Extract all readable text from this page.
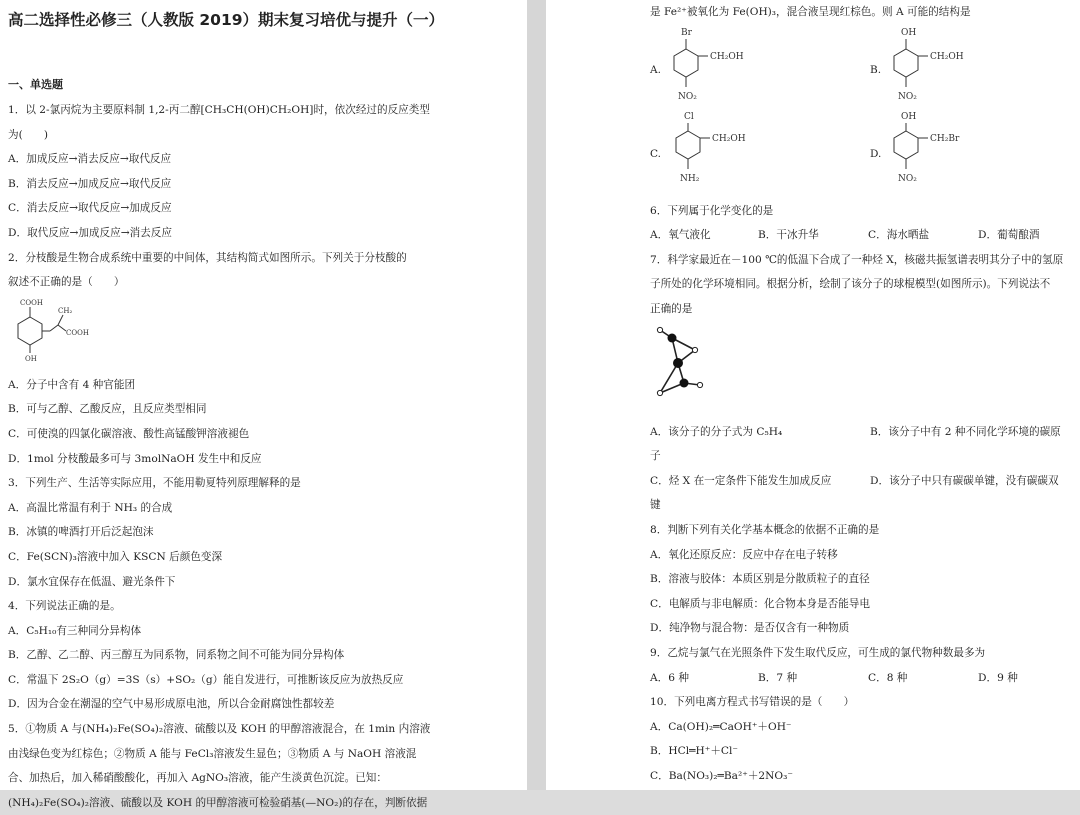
高二选择性必修三（人教版 2019）期末复习培优与提升（一）
一、单选题
1．以 2-氯丙烷为主要原料制 1,2-丙二醇[CH₃CH(OH)CH₂OH]时，依次经过的反应类型
为(　　)
A．加成反应→消去反应→取代反应
B．消去反应→加成反应→取代反应
C．消去反应→取代反应→加成反应
D．取代反应→加成反应→消去反应
2．分枝酸是生物合成系统中重要的中间体，其结构简式如图所示。下列关于分枝酸的
叙述不正确的是（　　）
COOH
CH₂
COOH
OH
A．分子中含有 4 种官能团
B．可与乙醇、乙酸反应，且反应类型相同
C．可使溴的四氯化碳溶液、酸性高锰酸钾溶液褪色
D．1mol 分枝酸最多可与 3molNaOH 发生中和反应
3．下列生产、生活等实际应用，不能用勒夏特列原理解释的是
A．高温比常温有利于 NH₃ 的合成
B．冰镇的啤酒打开后泛起泡沫
C．Fe(SCN)₃溶液中加入 KSCN 后颜色变深
D．氯水宜保存在低温、避光条件下
4．下列说法正确的是。
A．C₅H₁₀有三种同分异构体
B．乙醇、乙二醇、丙三醇互为同系物，同系物之间不可能为同分异构体
C．常温下 2S₂O（g）=3S（s）+SO₂（g）能自发进行，可推断该反应为放热反应
D．因为合金在潮湿的空气中易形成原电池，所以合金耐腐蚀性都较差
5．①物质 A 与(NH₄)₂Fe(SO₄)₂溶液、硫酸以及 KOH 的甲醇溶液混合，在 1min 内溶液
由浅绿色变为红棕色；②物质 A 能与 FeCl₃溶液发生显色；③物质 A 与 NaOH 溶液混
合、加热后，加入稀硝酸酸化，再加入 AgNO₃溶液，能产生淡黄色沉淀。已知：
(NH₄)₂Fe(SO₄)₂溶液、硫酸以及 KOH 的甲醇溶液可检验硝基(—NO₂)的存在，判断依据
是 Fe²⁺被氧化为 Fe(OH)₃，混合液呈现红棕色。则 A 可能的结构是
A.	B.
Br
CH₂OH
NO₂
OH
CH₂OH
NO₂
C.	D.
Cl
CH₂OH
NH₂
OH
CH₂Br
NO₂
6．下列属于化学变化的是
A．氧气液化	B．干冰升华	C．海水晒盐	D．葡萄酿酒
7．科学家最近在－100 ℃的低温下合成了一种烃 X，核磁共振氢谱表明其分子中的氢原
子所处的化学环境相同。根据分析，绘制了该分子的球棍模型(如图所示)。下列说法不
正确的是
A．该分子的分子式为 C₅H₄	B．该分子中有 2 种不同化学环境的碳原
子
C．烃 X 在一定条件下能发生加成反应	D．该分子中只有碳碳单键，没有碳碳双
键
8．判断下列有关化学基本概念的依据不正确的是
A．氧化还原反应：反应中存在电子转移
B．溶液与胶体：本质区别是分散质粒子的直径
C．电解质与非电解质：化合物本身是否能导电
D．纯净物与混合物：是否仅含有一种物质
9．乙烷与氯气在光照条件下发生取代反应，可生成的氯代物种数最多为
A．6 种	B．7 种	C．8 种	D．9 种
10．下列电离方程式书写错误的是（　　）
A．Ca(OH)₂═CaOH⁺＋OH⁻
B．HCl═H⁺＋Cl⁻
C．Ba(NO₃)₂═Ba²⁺＋2NO₃⁻
